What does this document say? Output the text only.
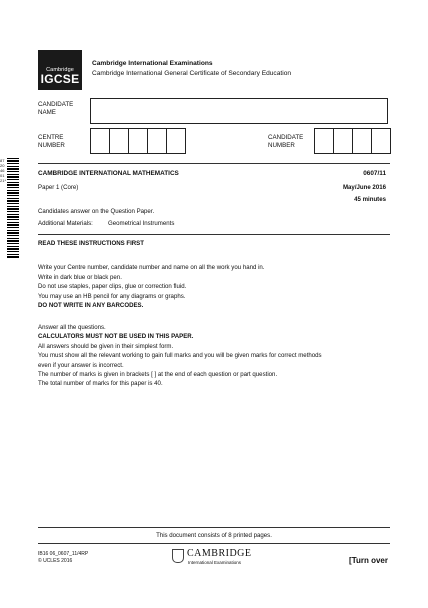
Cambridge
IGCSE
Cambridge International Examinations
Cambridge International General Certificate of Secondary Education
CANDIDATE
NAME
CENTRE
NUMBER
CANDIDATE
NUMBER
8720460121*
CAMBRIDGE INTERNATIONAL MATHEMATICS	0607/11
Paper 1 (Core)	May/June 2016
45 minutes
Candidates answer on the Question Paper.
Additional Materials: Geometrical Instruments
READ THESE INSTRUCTIONS FIRST
Write your Centre number, candidate number and name on all the work you hand in.
Write in dark blue or black pen.
Do not use staples, paper clips, glue or correction fluid.
You may use an HB pencil for any diagrams or graphs.
DO NOT WRITE IN ANY BARCODES.
Answer all the questions.
CALCULATORS MUST NOT BE USED IN THIS PAPER.
All answers should be given in their simplest form.
You must show all the relevant working to gain full marks and you will be given marks for correct methods
even if your answer is incorrect.
The number of marks is given in brackets [ ] at the end of each question or part question.
The total number of marks for this paper is 40.
This document consists of 8 printed pages.
IB16 06_0607_11/4RP
© UCLES 2016
CAMBRIDGE
International Examinations	[Turn over
